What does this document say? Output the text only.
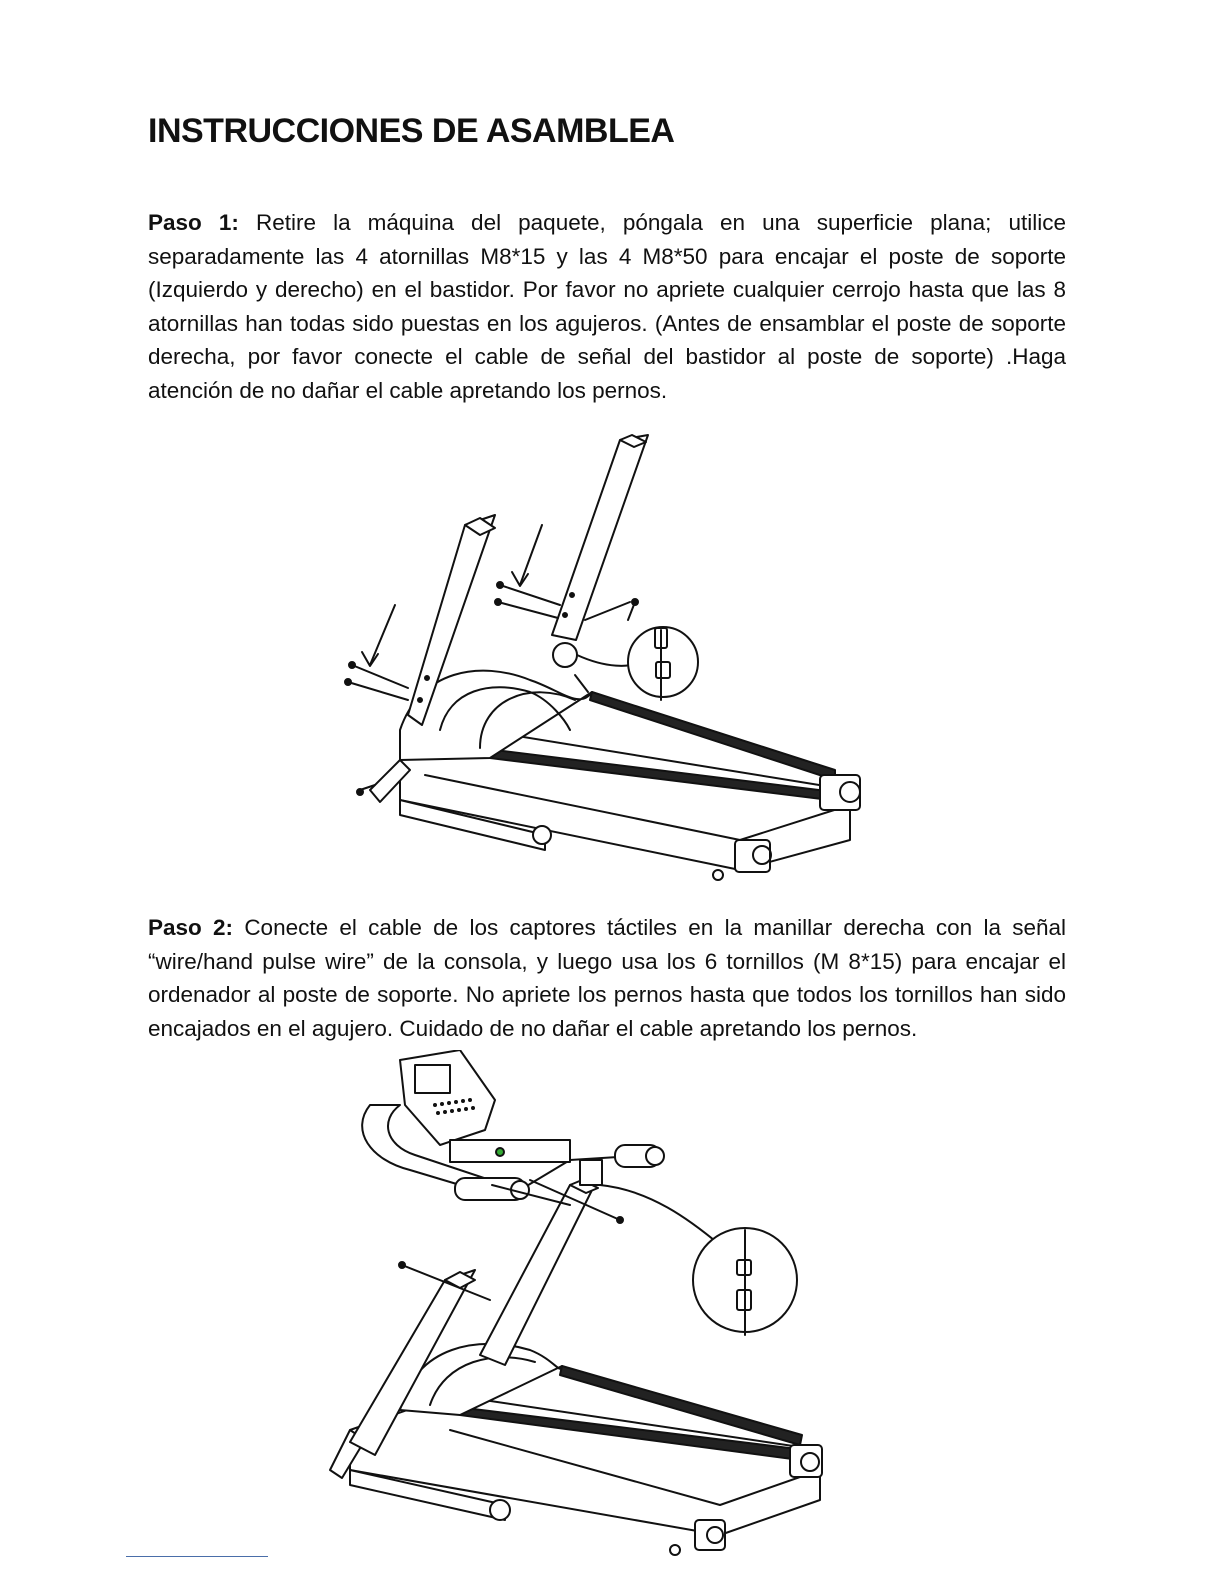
INSTRUCCIONES DE ASAMBLEA

Paso 1: Retire la máquina del paquete, póngala en una superficie plana; utilice separadamente las 4 atornillas M8*15 y las 4 M8*50 para encajar el poste de soporte (Izquierdo y derecho) en el bastidor. Por favor no apriete cualquier cerrojo hasta que las 8 atornillas han todas sido puestas en los agujeros. (Antes de ensamblar el poste de soporte derecha, por favor conecte el cable de señal del bastidor al poste de soporte) .Haga atención de no dañar el cable apretando los pernos.

Paso 2: Conecte el cable de los captores táctiles en la manillar derecha con la señal “wire/hand pulse wire” de la consola, y luego usa los 6 tornillos (M 8*15) para encajar el ordenador al poste de soporte. No apriete los pernos hasta que todos los tornillos han sido encajados en el agujero. Cuidado de no dañar el cable apretando los pernos.
